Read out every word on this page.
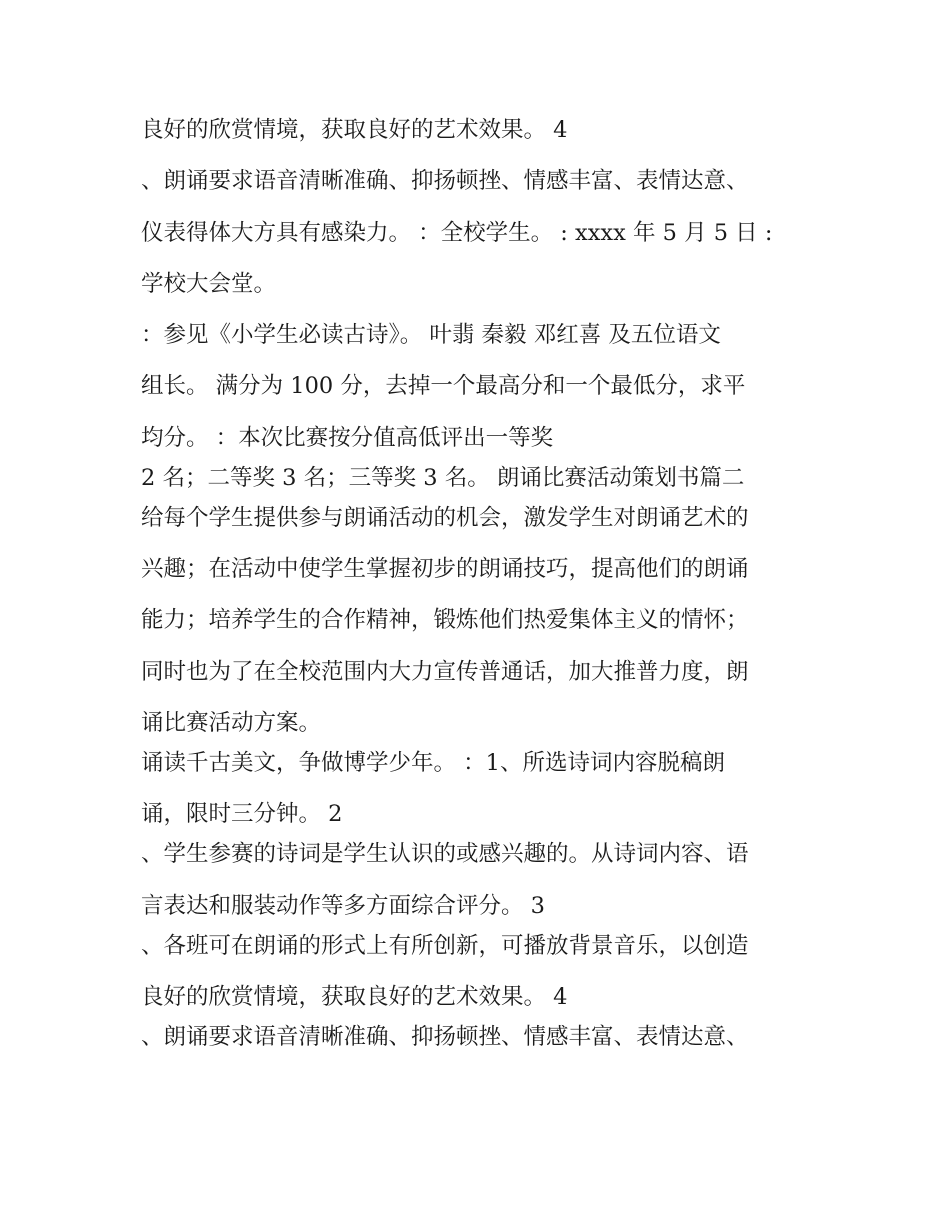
良好的欣赏情境，获取良好的艺术效果。 4
、朗诵要求语音清晰准确、抑扬顿挫、情感丰富、表情达意、
仪表得体大方具有感染力。 ：全校学生。 : xxxx 年 5 月 5 日 :
学校大会堂。
：参见《小学生必读古诗》。 叶翡 秦毅 邓红喜 及五位语文
组长。 满分为 100 分，去掉一个最高分和一个最低分，求平
均分。 ：本次比赛按分值高低评出一等奖
2 名；二等奖 3 名；三等奖 3 名。 朗诵比赛活动策划书篇二
给每个学生提供参与朗诵活动的机会，激发学生对朗诵艺术的
兴趣；在活动中使学生掌握初步的朗诵技巧，提高他们的朗诵
能力；培养学生的合作精神，锻炼他们热爱集体主义的情怀；
同时也为了在全校范围内大力宣传普通话，加大推普力度，朗
诵比赛活动方案。
诵读千古美文，争做博学少年。 ：1、所选诗词内容脱稿朗
诵，限时三分钟。 2
、学生参赛的诗词是学生认识的或感兴趣的。从诗词内容、语
言表达和服装动作等多方面综合评分。 3
、各班可在朗诵的形式上有所创新，可播放背景音乐，以创造
良好的欣赏情境，获取良好的艺术效果。 4
、朗诵要求语音清晰准确、抑扬顿挫、情感丰富、表情达意、
